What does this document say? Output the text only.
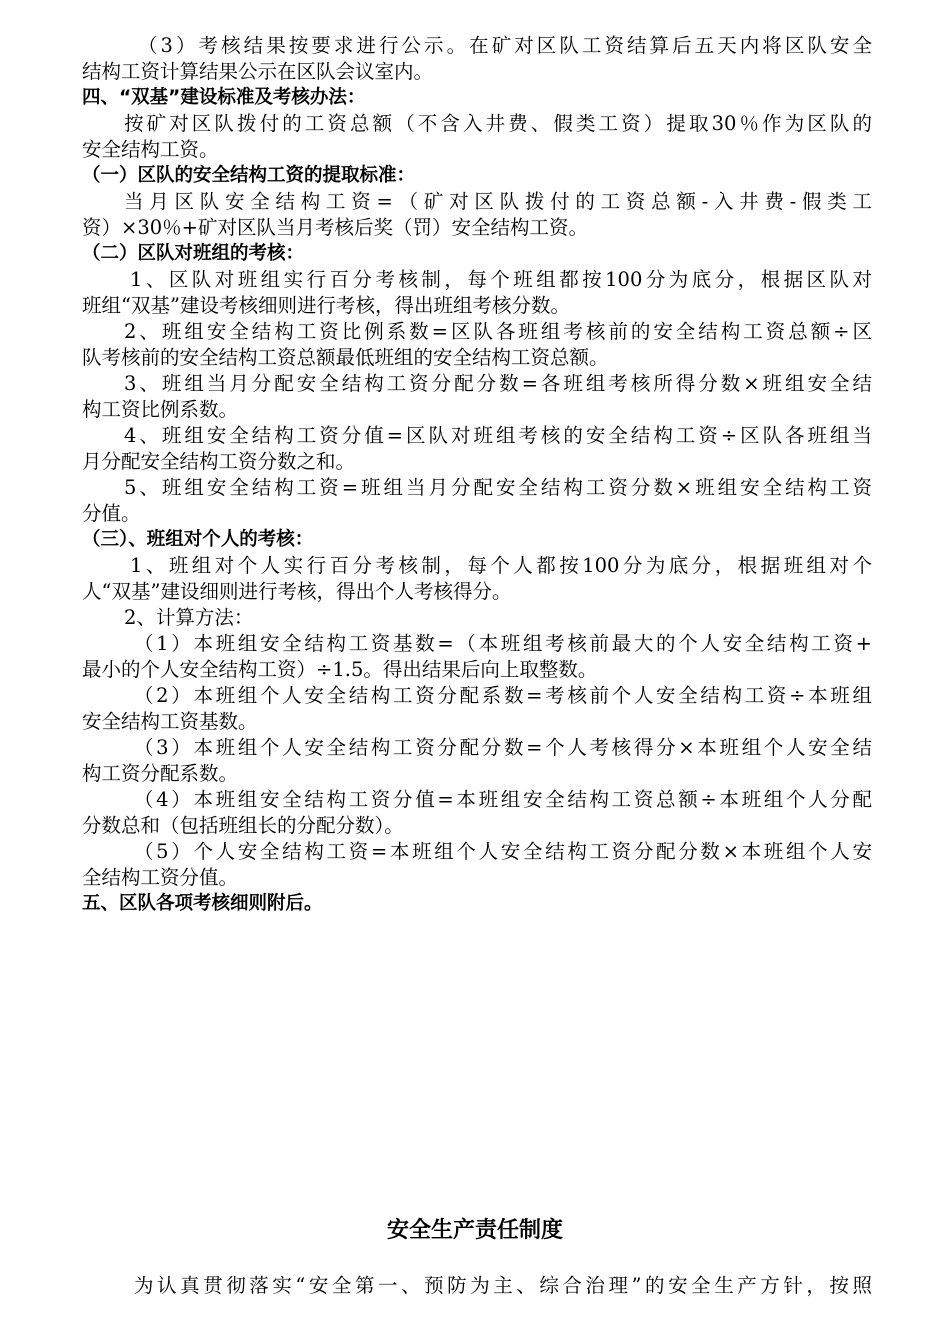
（3）考核结果按要求进行公示。在矿对区队工资结算后五天内将区队安全
结构工资计算结果公示在区队会议室内。
四、“双基”建设标准及考核办法：
按矿对区队拨付的工资总额（不含入井费、假类工资）提取30％作为区队的
安全结构工资。
（一）区队的安全结构工资的提取标准：
当月区队安全结构工资=（矿对区队拨付的工资总额-入井费-假类工
资）×30％+矿对区队当月考核后奖（罚）安全结构工资。
（二）区队对班组的考核：
1、区队对班组实行百分考核制，每个班组都按100分为底分，根据区队对
班组“双基”建设考核细则进行考核，得出班组考核分数。
2、班组安全结构工资比例系数=区队各班组考核前的安全结构工资总额÷区
队考核前的安全结构工资总额最低班组的安全结构工资总额。
3、班组当月分配安全结构工资分配分数=各班组考核所得分数×班组安全结
构工资比例系数。
4、班组安全结构工资分值=区队对班组考核的安全结构工资÷区队各班组当
月分配安全结构工资分数之和。
5、班组安全结构工资=班组当月分配安全结构工资分数×班组安全结构工资
分值。
（三）、班组对个人的考核：
1、班组对个人实行百分考核制，每个人都按100分为底分，根据班组对个
人“双基”建设细则进行考核，得出个人考核得分。
2、计算方法：
（1）本班组安全结构工资基数=（本班组考核前最大的个人安全结构工资+
最小的个人安全结构工资）÷1.5。得出结果后向上取整数。
（2）本班组个人安全结构工资分配系数=考核前个人安全结构工资÷本班组
安全结构工资基数。
（3）本班组个人安全结构工资分配分数=个人考核得分×本班组个人安全结
构工资分配系数。
（4）本班组安全结构工资分值=本班组安全结构工资总额÷本班组个人分配
分数总和（包括班组长的分配分数）。
（5）个人安全结构工资=本班组个人安全结构工资分配分数×本班组个人安
全结构工资分值。
五、区队各项考核细则附后。
安全生产责任制度
为认真贯彻落实“安全第一、预防为主、综合治理”的安全生产方针，按照
